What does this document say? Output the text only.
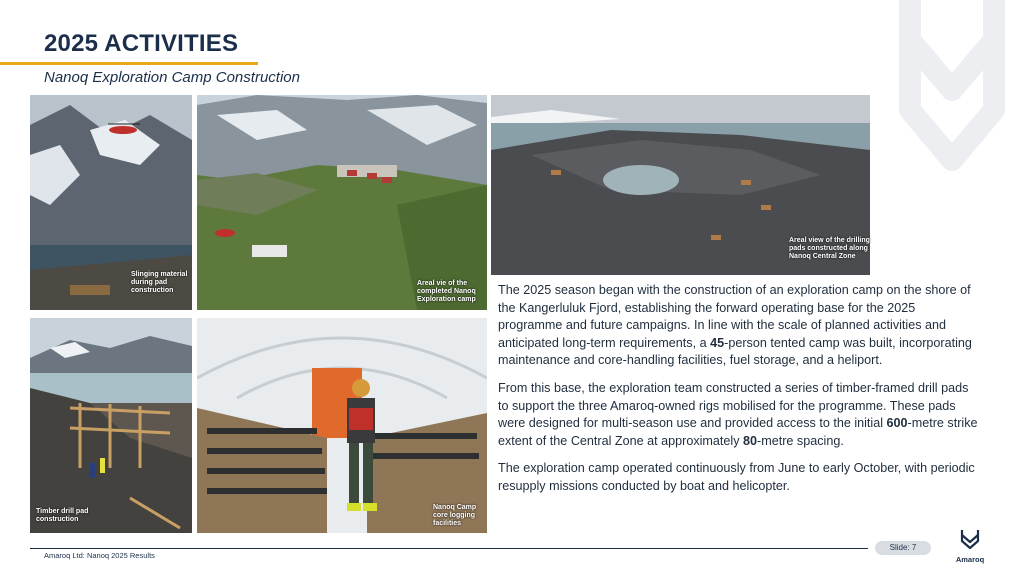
2025 ACTIVITIES
Nanoq Exploration Camp Construction
Slinging material during pad construction
Areal vie of the completed Nanoq Exploration camp
Areal view of the drilling pads constructed along Nanoq Central Zone
Timber drill pad construction
Nanoq Camp core logging facilities

The 2025 season began with the construction of an exploration camp on the shore of the Kangerluluk Fjord, establishing the forward operating base for the 2025 programme and future campaigns. In line with the scale of planned activities and anticipated long-term requirements, a 45-person tented camp was built, incorporating maintenance and core-handling facilities, fuel storage, and a heliport.

From this base, the exploration team constructed a series of timber-framed drill pads to support the three Amaroq-owned rigs mobilised for the programme. These pads were designed for multi-season use and provided access to the initial 600-metre strike extent of the Central Zone at approximately 80-metre spacing.

The exploration camp operated continuously from June to early October, with periodic resupply missions conducted by boat and helicopter.

Amaroq Ltd: Nanoq 2025 Results
Slide: 7
Amaroq
